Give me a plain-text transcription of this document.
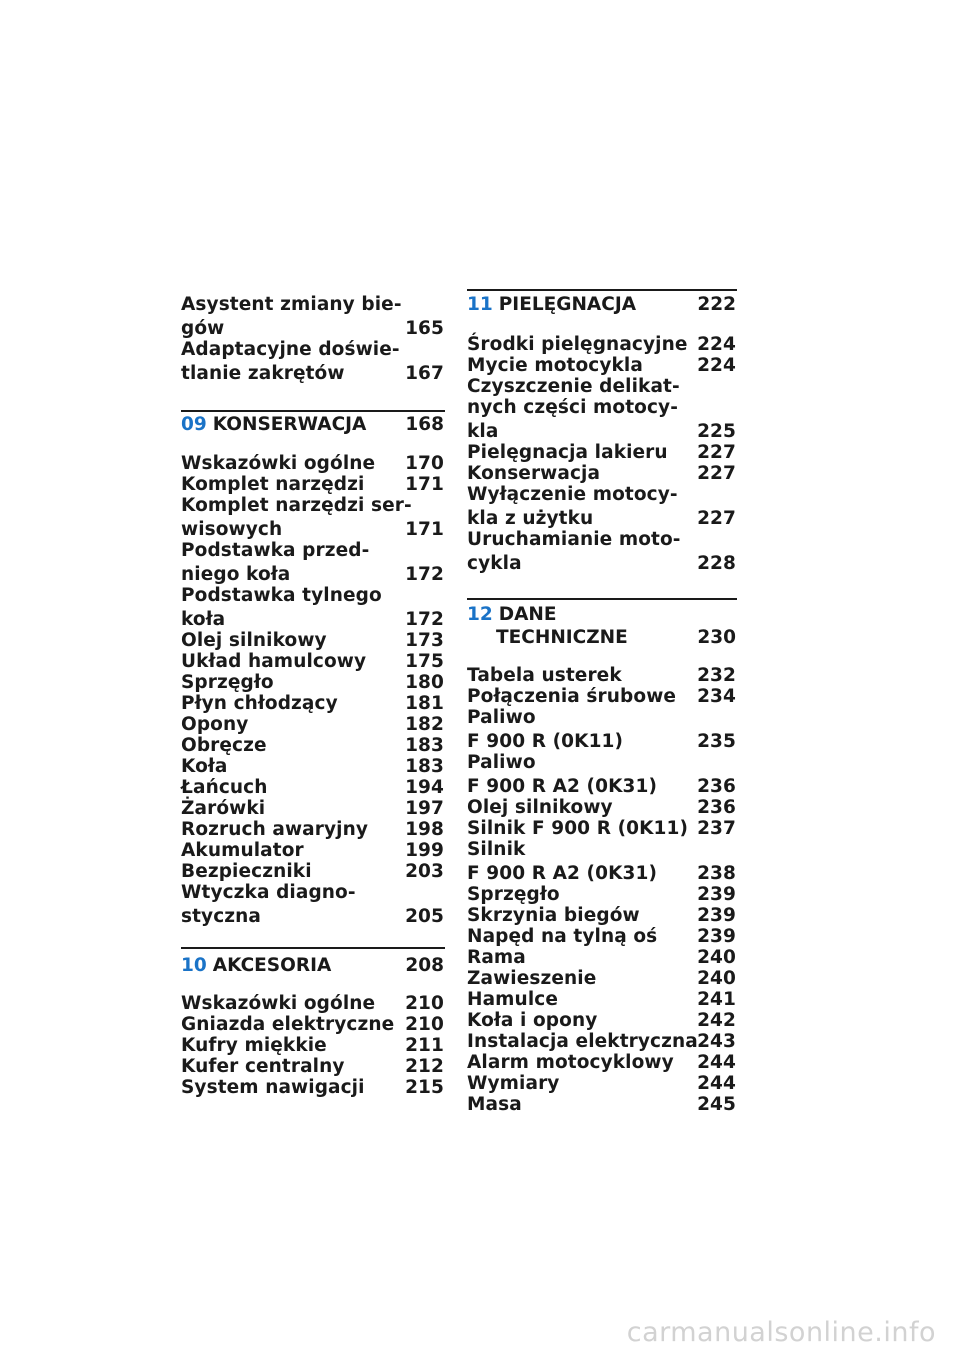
Asystent zmiany bie-
gów	165
Adaptacyjne doświe-
tlanie zakrętów	167
09 KONSERWACJA 168
Wskazówki ogólne	170
Komplet narzędzi	171
Komplet narzędzi ser-
wisowych	171
Podstawka przed-
niego koła	172
Podstawka tylnego
koła	172
Olej silnikowy	173
Układ hamulcowy	175
Sprzęgło	180
Płyn chłodzący	181
Opony	182
Obręcze	183
Koła	183
Łańcuch	194
Żarówki	197
Rozruch awaryjny	198
Akumulator	199
Bezpieczniki	203
Wtyczka diagno-
styczna	205
10 AKCESORIA	208
Wskazówki ogólne	210
Gniazda elektryczne 210
Kufry miękkie	211
Kufer centralny	212
System nawigacji	215
11 PIELĘGNACJA	222
Środki pielęgnacyjne 224
Mycie motocykla	224
Czyszczenie delikat-
nych części motocy-
kla	225
Pielęgnacja lakieru	227
Konserwacja	227
Wyłączenie motocy-
kla z użytku	227
Uruchamianie moto-
cykla	228
12 DANE
TECHNICZNE	230
Tabela usterek	232
Połączenia śrubowe	234
Paliwo
F 900 R (0K11)	235
Paliwo
F 900 R A2 (0K31)	236
Olej silnikowy	236
Silnik F 900 R (0K11) 237
Silnik
F 900 R A2 (0K31)	238
Sprzęgło	239
Skrzynia biegów	239
Napęd na tylną oś	239
Rama	240
Zawieszenie	240
Hamulce	241
Koła i opony	242
Instalacja elektryczna 243
Alarm motocyklowy	244
Wymiary	244
Masa	245
carmanualsonline.info
